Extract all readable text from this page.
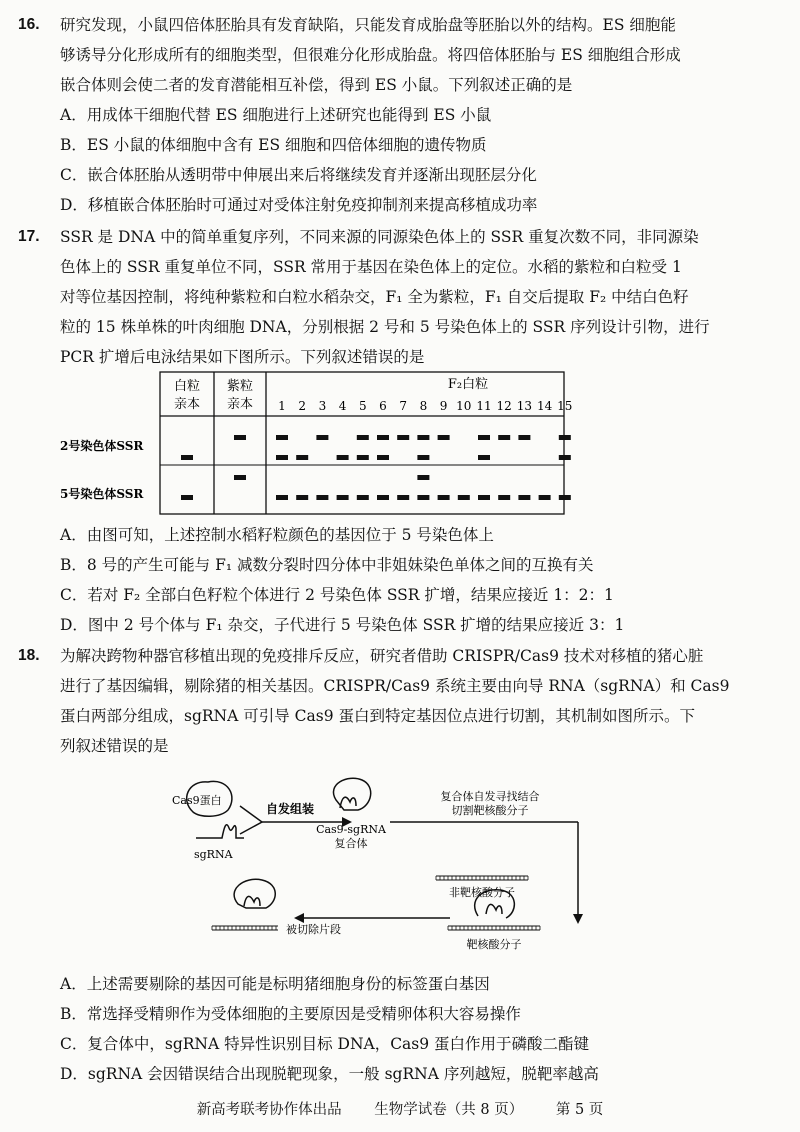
16.	研究发现，小鼠四倍体胚胎具有发育缺陷，只能发育成胎盘等胚胎以外的结构。ES 细胞能
够诱导分化形成所有的细胞类型，但很难分化形成胎盘。将四倍体胚胎与 ES 细胞组合形成
嵌合体则会使二者的发育潜能相互补偿，得到 ES 小鼠。下列叙述正确的是
A．用成体干细胞代替 ES 细胞进行上述研究也能得到 ES 小鼠
B．ES 小鼠的体细胞中含有 ES 细胞和四倍体细胞的遗传物质
C．嵌合体胚胎从透明带中伸展出来后将继续发育并逐渐出现胚层分化
D．移植嵌合体胚胎时可通过对受体注射免疫抑制剂来提高移植成功率
17.	SSR 是 DNA 中的简单重复序列，不同来源的同源染色体上的 SSR 重复次数不同，非同源染
色体上的 SSR 重复单位不同，SSR 常用于基因在染色体上的定位。水稻的紫粒和白粒受 1
对等位基因控制，将纯种紫粒和白粒水稻杂交，F₁ 全为紫粒，F₁ 自交后提取 F₂ 中结白色籽
粒的 15 株单株的叶肉细胞 DNA，分别根据 2 号和 5 号染色体上的 SSR 序列设计引物，进行
PCR 扩增后电泳结果如下图所示。下列叙述错误的是
白粒
亲本
紫粒
亲本
F₂白粒
1 2 3 4 5 6 7 8 9 10 11 12 13 14 15
2号染色体SSR
5号染色体SSR
A．由图可知，上述控制水稻籽粒颜色的基因位于 5 号染色体上
B．8 号的产生可能与 F₁ 减数分裂时四分体中非姐妹染色单体之间的互换有关
C．若对 F₂ 全部白色籽粒个体进行 2 号染色体 SSR 扩增，结果应接近 1：2：1
D．图中 2 号个体与 F₁ 杂交，子代进行 5 号染色体 SSR 扩增的结果应接近 3：1
18.	为解决跨物种器官移植出现的免疫排斥反应，研究者借助 CRISPR/Cas9 技术对移植的猪心脏
进行了基因编辑，剔除猪的相关基因。CRISPR/Cas9 系统主要由向导 RNA（sgRNA）和 Cas9
蛋白两部分组成，sgRNA 可引导 Cas9 蛋白到特定基因位点进行切割，其机制如图所示。下
列叙述错误的是
Cas9蛋白
sgRNA
自发组装
Cas9-sgRNA
复合体
复合体自发寻找结合
切割靶核酸分子
非靶核酸分子
靶核酸分子
被切除片段
A．上述需要剔除的基因可能是标明猪细胞身份的标签蛋白基因
B．常选择受精卵作为受体细胞的主要原因是受精卵体积大容易操作
C．复合体中，sgRNA 特异性识别目标 DNA，Cas9 蛋白作用于磷酸二酯键
D．sgRNA 会因错误结合出现脱靶现象，一般 sgRNA 序列越短，脱靶率越高
新高考联考协作体出品 生物学试卷（共 8 页） 第 5 页
